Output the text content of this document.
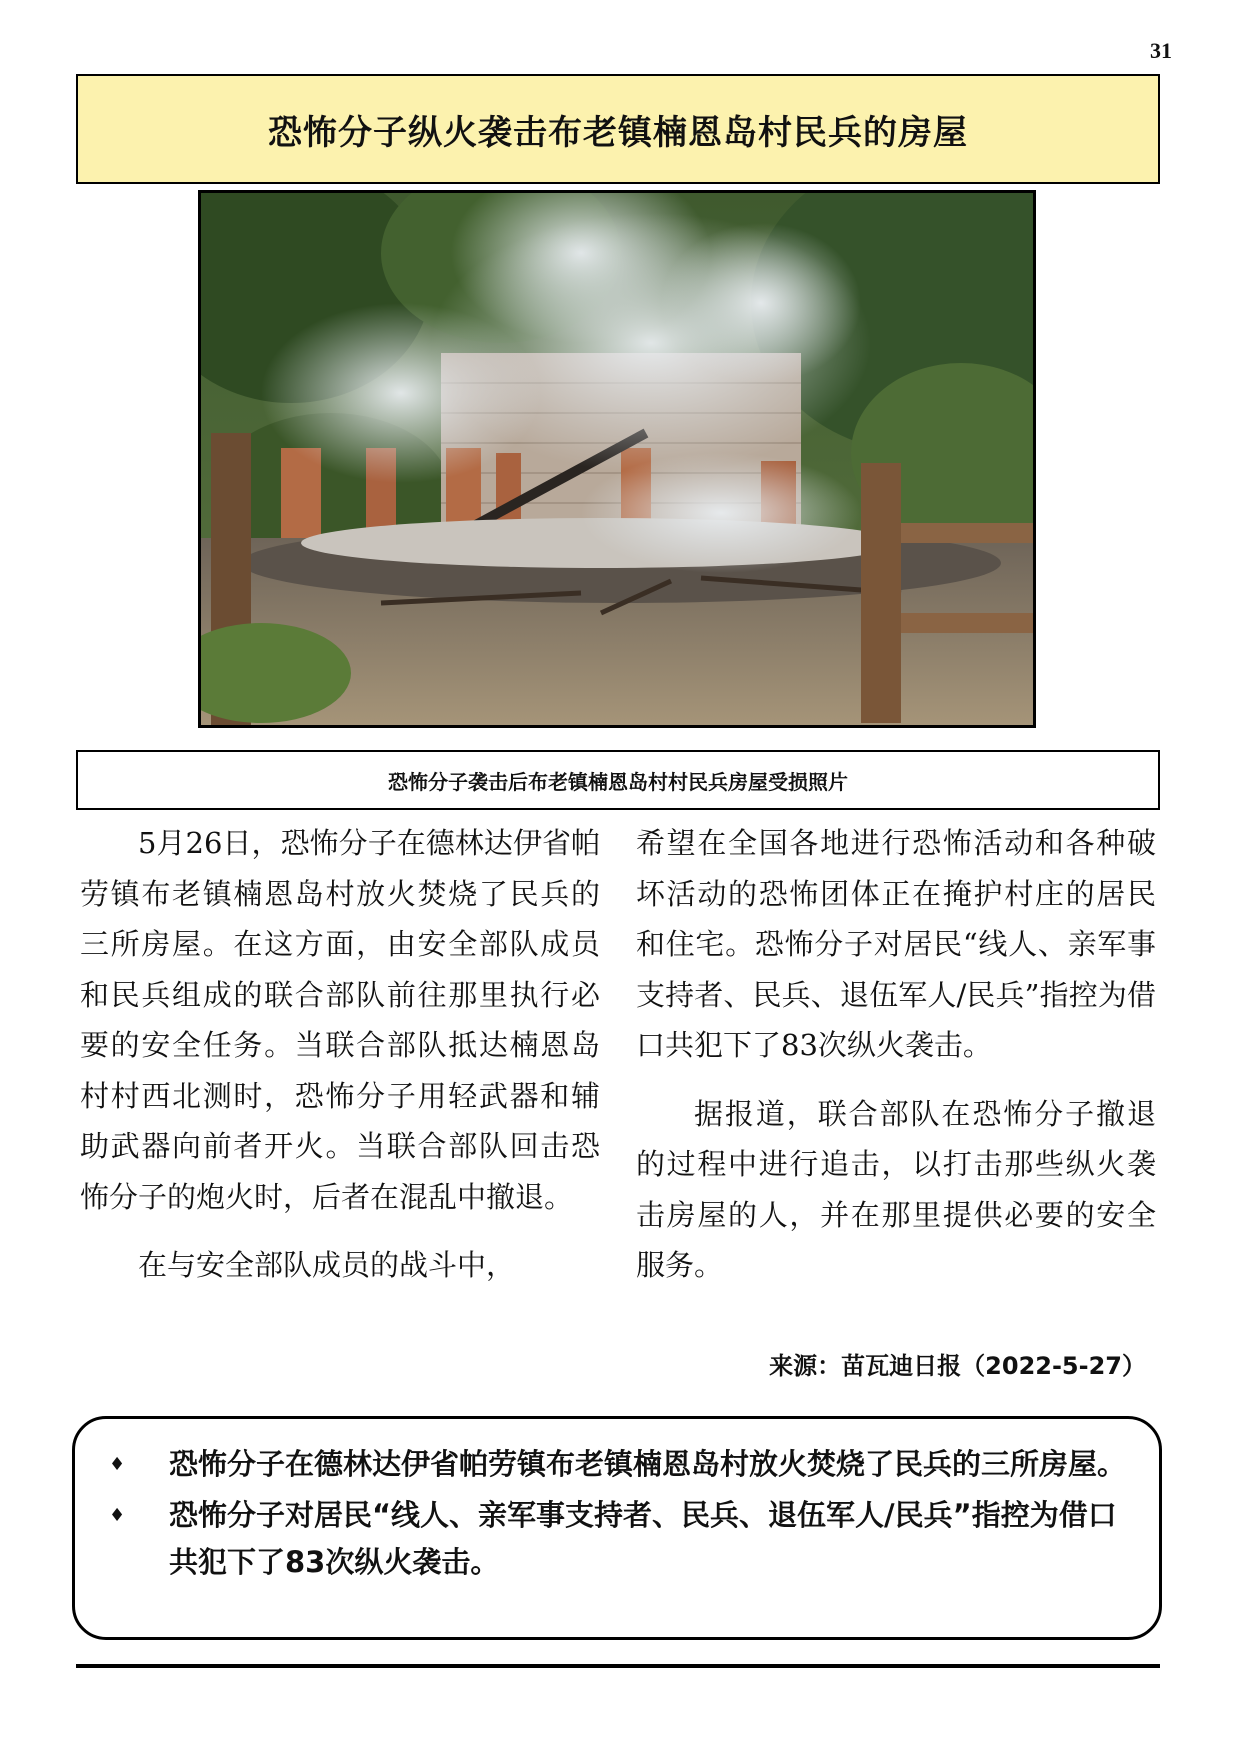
31
恐怖分子纵火袭击布老镇楠恩岛村民兵的房屋
恐怖分子袭击后布老镇楠恩岛村村民兵房屋受损照片

5月26日，恐怖分子在德林达伊省帕劳镇布老镇楠恩岛村放火焚烧了民兵的三所房屋。在这方面，由安全部队成员和民兵组成的联合部队前往那里执行必要的安全任务。当联合部队抵达楠恩岛村村西北测时，恐怖分子用轻武器和辅助武器向前者开火。当联合部队回击恐怖分子的炮火时，后者在混乱中撤退。

在与安全部队成员的战斗中，

希望在全国各地进行恐怖活动和各种破坏活动的恐怖团体正在掩护村庄的居民和住宅。恐怖分子对居民“线人、亲军事支持者、民兵、退伍军人/民兵”指控为借口共犯下了83次纵火袭击。

据报道，联合部队在恐怖分子撤退的过程中进行追击，以打击那些纵火袭击房屋的人，并在那里提供必要的安全服务。

来源：苗瓦迪日报（2022-5-27）
♦ 恐怖分子在德林达伊省帕劳镇布老镇楠恩岛村放火焚烧了民兵的三所房屋。
♦ 恐怖分子对居民“线人、亲军事支持者、民兵、退伍军人/民兵”指控为借口共犯下了83次纵火袭击。
